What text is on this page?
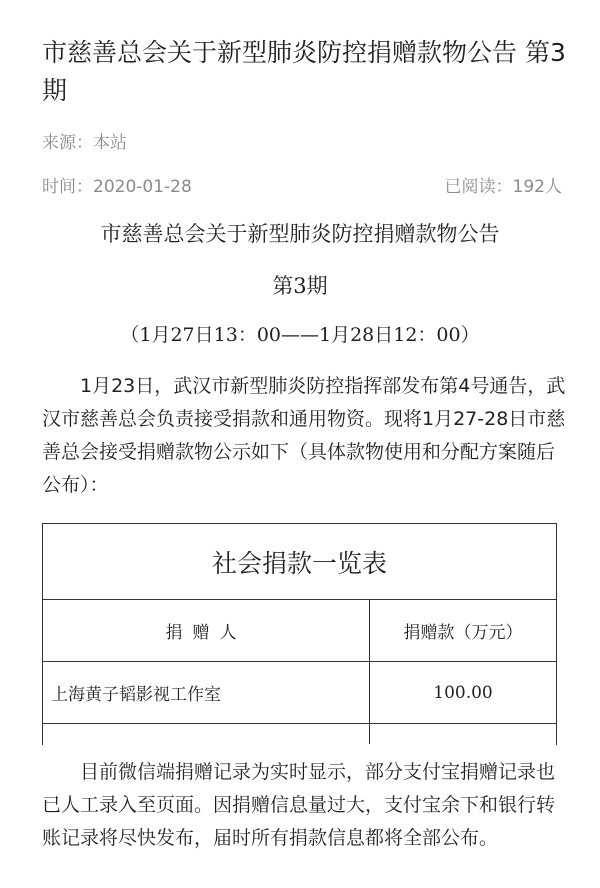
市慈善总会关于新型肺炎防控捐赠款物公告 第3期
来源：本站
时间：2020-01-28	已阅读：192人
市慈善总会关于新型肺炎防控捐赠款物公告
第3期
（1月27日13：00——1月28日12：00）
1月23日，武汉市新型肺炎防控指挥部发布第4号通告，武汉市慈善总会负责接受捐款和通用物资。现将1月27-28日市慈善总会接受捐赠款物公示如下（具体款物使用和分配方案随后公布）：
社会捐款一览表
捐赠人	捐赠款（万元）
上海黄子韬影视工作室	100.00
目前微信端捐赠记录为实时显示，部分支付宝捐赠记录也已人工录入至页面。因捐赠信息量过大，支付宝余下和银行转账记录将尽快发布，届时所有捐款信息都将全部公布。
